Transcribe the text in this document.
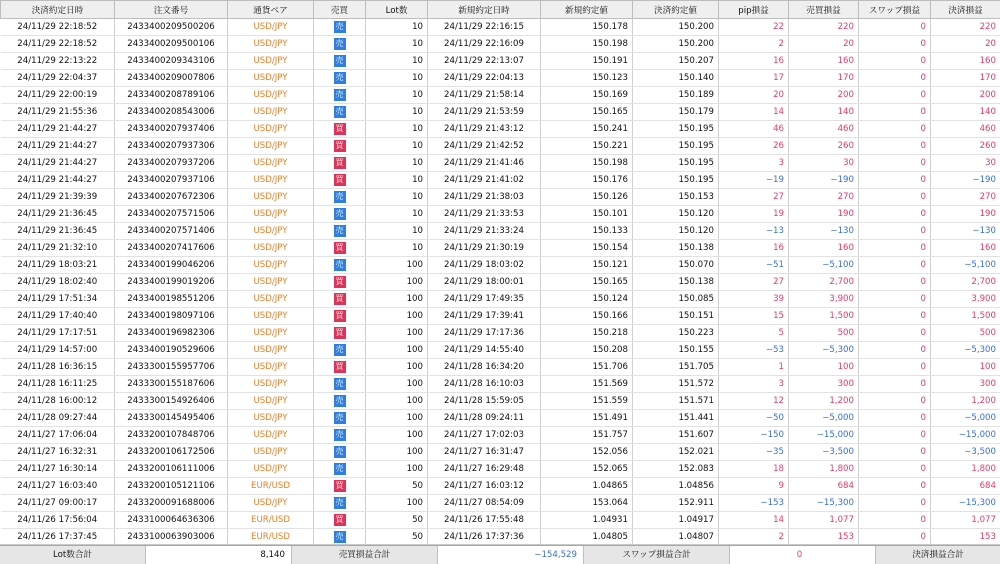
決済約定日時	注文番号	通貨ペア	売買	Lot数	新規約定日時	新規約定値	決済約定値	pip損益	売買損益	スワップ損益	決済損益
24/11/29 22:18:52	2433400209500206	USD/JPY	売	10	24/11/29 22:16:15	150.178	150.200	22	220	0	220
24/11/29 22:18:52	2433400209500106	USD/JPY	売	10	24/11/29 22:16:09	150.198	150.200	2	20	0	20
24/11/29 22:13:22	2433400209343106	USD/JPY	売	10	24/11/29 22:13:07	150.191	150.207	16	160	0	160
24/11/29 22:04:37	2433400209007806	USD/JPY	売	10	24/11/29 22:04:13	150.123	150.140	17	170	0	170
24/11/29 22:00:19	2433400208789106	USD/JPY	売	10	24/11/29 21:58:14	150.169	150.189	20	200	0	200
24/11/29 21:55:36	2433400208543006	USD/JPY	売	10	24/11/29 21:53:59	150.165	150.179	14	140	0	140
24/11/29 21:44:27	2433400207937406	USD/JPY	買	10	24/11/29 21:43:12	150.241	150.195	46	460	0	460
24/11/29 21:44:27	2433400207937306	USD/JPY	買	10	24/11/29 21:42:52	150.221	150.195	26	260	0	260
24/11/29 21:44:27	2433400207937206	USD/JPY	買	10	24/11/29 21:41:46	150.198	150.195	3	30	0	30
24/11/29 21:44:27	2433400207937106	USD/JPY	買	10	24/11/29 21:41:02	150.176	150.195	−19	−190	0	−190
24/11/29 21:39:39	2433400207672306	USD/JPY	売	10	24/11/29 21:38:03	150.126	150.153	27	270	0	270
24/11/29 21:36:45	2433400207571506	USD/JPY	売	10	24/11/29 21:33:53	150.101	150.120	19	190	0	190
24/11/29 21:36:45	2433400207571406	USD/JPY	売	10	24/11/29 21:33:24	150.133	150.120	−13	−130	0	−130
24/11/29 21:32:10	2433400207417606	USD/JPY	買	10	24/11/29 21:30:19	150.154	150.138	16	160	0	160
24/11/29 18:03:21	2433400199046206	USD/JPY	売	100	24/11/29 18:03:02	150.121	150.070	−51	−5,100	0	−5,100
24/11/29 18:02:40	2433400199019206	USD/JPY	買	100	24/11/29 18:00:01	150.165	150.138	27	2,700	0	2,700
24/11/29 17:51:34	2433400198551206	USD/JPY	買	100	24/11/29 17:49:35	150.124	150.085	39	3,900	0	3,900
24/11/29 17:40:40	2433400198097106	USD/JPY	買	100	24/11/29 17:39:41	150.166	150.151	15	1,500	0	1,500
24/11/29 17:17:51	2433400196982306	USD/JPY	買	100	24/11/29 17:17:36	150.218	150.223	5	500	0	500
24/11/29 14:57:00	2433400190529606	USD/JPY	売	100	24/11/29 14:55:40	150.208	150.155	−53	−5,300	0	−5,300
24/11/28 16:36:15	2433300155957706	USD/JPY	買	100	24/11/28 16:34:20	151.706	151.705	1	100	0	100
24/11/28 16:11:25	2433300155187606	USD/JPY	売	100	24/11/28 16:10:03	151.569	151.572	3	300	0	300
24/11/28 16:00:12	2433300154926406	USD/JPY	売	100	24/11/28 15:59:05	151.559	151.571	12	1,200	0	1,200
24/11/28 09:27:44	2433300145495406	USD/JPY	売	100	24/11/28 09:24:11	151.491	151.441	−50	−5,000	0	−5,000
24/11/27 17:06:04	2433200107848706	USD/JPY	売	100	24/11/27 17:02:03	151.757	151.607	−150	−15,000	0	−15,000
24/11/27 16:32:31	2433200106172506	USD/JPY	売	100	24/11/27 16:31:47	152.056	152.021	−35	−3,500	0	−3,500
24/11/27 16:30:14	2433200106111006	USD/JPY	売	100	24/11/27 16:29:48	152.065	152.083	18	1,800	0	1,800
24/11/27 16:03:40	2433200105121106	EUR/USD	買	50	24/11/27 16:03:12	1.04865	1.04856	9	684	0	684
24/11/27 09:00:17	2433200091688006	USD/JPY	売	100	24/11/27 08:54:09	153.064	152.911	−153	−15,300	0	−15,300
24/11/26 17:56:04	2433100064636306	EUR/USD	買	50	24/11/26 17:55:48	1.04931	1.04917	14	1,077	0	1,077
24/11/26 17:37:45	2433100063903006	EUR/USD	売	50	24/11/26 17:37:36	1.04805	1.04807	2	153	0	153
Lot数合計	8,140	売買損益合計	−154,529	スワップ損益合計	0	決済損益合計
